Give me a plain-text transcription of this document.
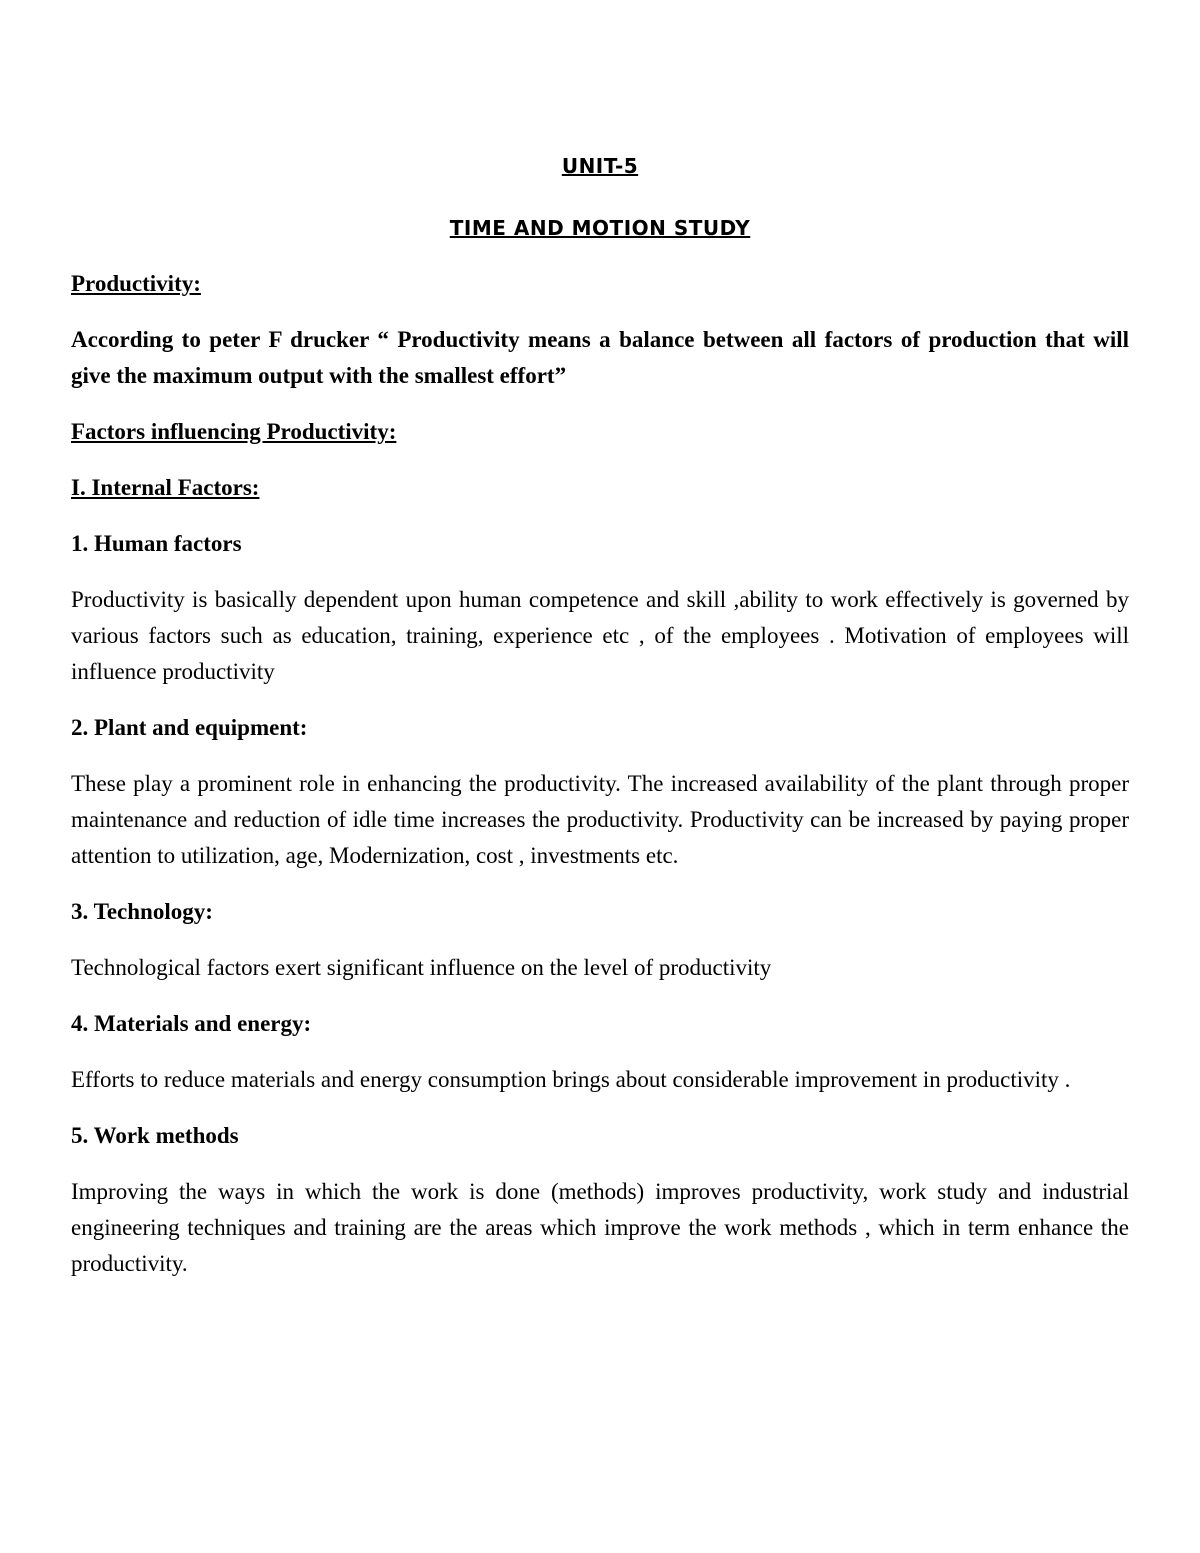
UNIT-5
TIME AND MOTION STUDY

Productivity:

According to peter F drucker “ Productivity means a balance between all factors of production that will give the maximum output with the smallest effort”

Factors influencing Productivity:

I. Internal Factors:

1. Human factors

Productivity is basically dependent upon human competence and skill ,ability to work effectively is governed by various factors such as education, training, experience etc , of the employees . Motivation of employees will influence productivity

2. Plant and equipment:

These play a prominent role in enhancing the productivity. The increased availability of the plant through proper maintenance and reduction of idle time increases the productivity. Productivity can be increased by paying proper attention to utilization, age, Modernization, cost , investments etc.

3. Technology:

Technological factors exert significant influence on the level of productivity

4. Materials and energy:

Efforts to reduce materials and energy consumption brings about considerable improvement in productivity .

5. Work methods

Improving the ways in which the work is done (methods) improves productivity, work study and industrial engineering techniques and training are the areas which improve the work methods , which in term enhance the productivity.
